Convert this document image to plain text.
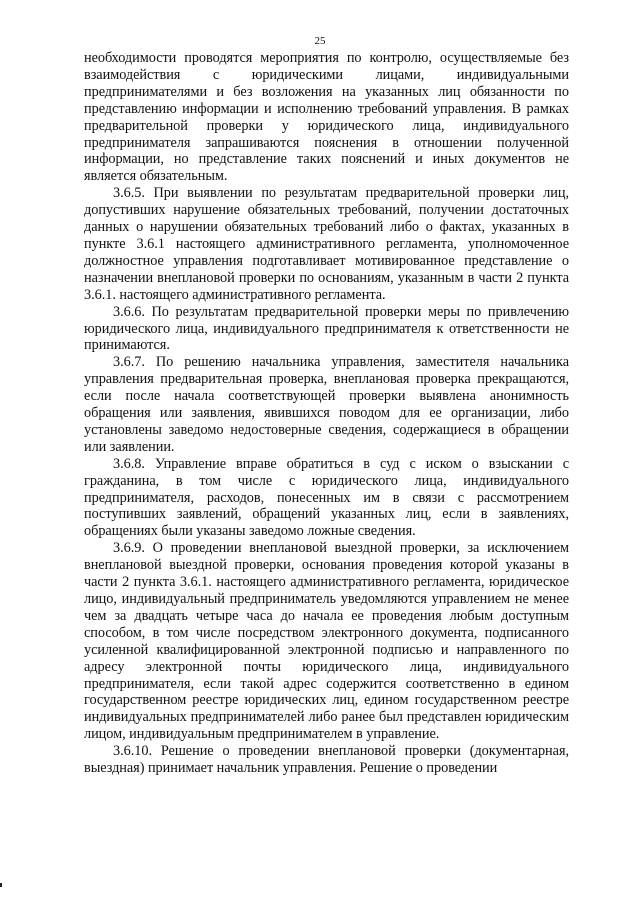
25

необходимости проводятся мероприятия по контролю, осуществляемые без взаимодействия с юридическими лицами, индивидуальными предпринимателями и без возложения на указанных лиц обязанности по представлению информации и исполнению требований управления. В рамках предварительной проверки у юридического лица, индивидуального предпринимателя запрашиваются пояснения в отношении полученной информации, но представление таких пояснений и иных документов не является обязательным.

3.6.5. При выявлении по результатам предварительной проверки лиц, допустивших нарушение обязательных требований, получении достаточных данных о нарушении обязательных требований либо о фактах, указанных в пункте 3.6.1 настоящего административного регламента, уполномоченное должностное управления подготавливает мотивированное представление о назначении внеплановой проверки по основаниям, указанным в части 2 пункта 3.6.1. настоящего административного регламента.

3.6.6. По результатам предварительной проверки меры по привлечению юридического лица, индивидуального предпринимателя к ответственности не принимаются.

3.6.7. По решению начальника управления, заместителя начальника управления предварительная проверка, внеплановая проверка прекращаются, если после начала соответствующей проверки выявлена анонимность обращения или заявления, явившихся поводом для ее организации, либо установлены заведомо недостоверные сведения, содержащиеся в обращении или заявлении.

3.6.8. Управление вправе обратиться в суд с иском о взыскании с гражданина, в том числе с юридического лица, индивидуального предпринимателя, расходов, понесенных им в связи с рассмотрением поступивших заявлений, обращений указанных лиц, если в заявлениях, обращениях были указаны заведомо ложные сведения.

3.6.9. О проведении внеплановой выездной проверки, за исключением внеплановой выездной проверки, основания проведения которой указаны в части 2 пункта 3.6.1. настоящего административного регламента, юридическое лицо, индивидуальный предприниматель уведомляются управлением не менее чем за двадцать четыре часа до начала ее проведения любым доступным способом, в том числе посредством электронного документа, подписанного усиленной квалифицированной электронной подписью и направленного по адресу электронной почты юридического лица, индивидуального предпринимателя, если такой адрес содержится соответственно в едином государственном реестре юридических лиц, едином государственном реестре индивидуальных предпринимателей либо ранее был представлен юридическим лицом, индивидуальным предпринимателем в управление.

3.6.10. Решение о проведении внеплановой проверки (документарная, выездная) принимает начальник управления. Решение о проведении
